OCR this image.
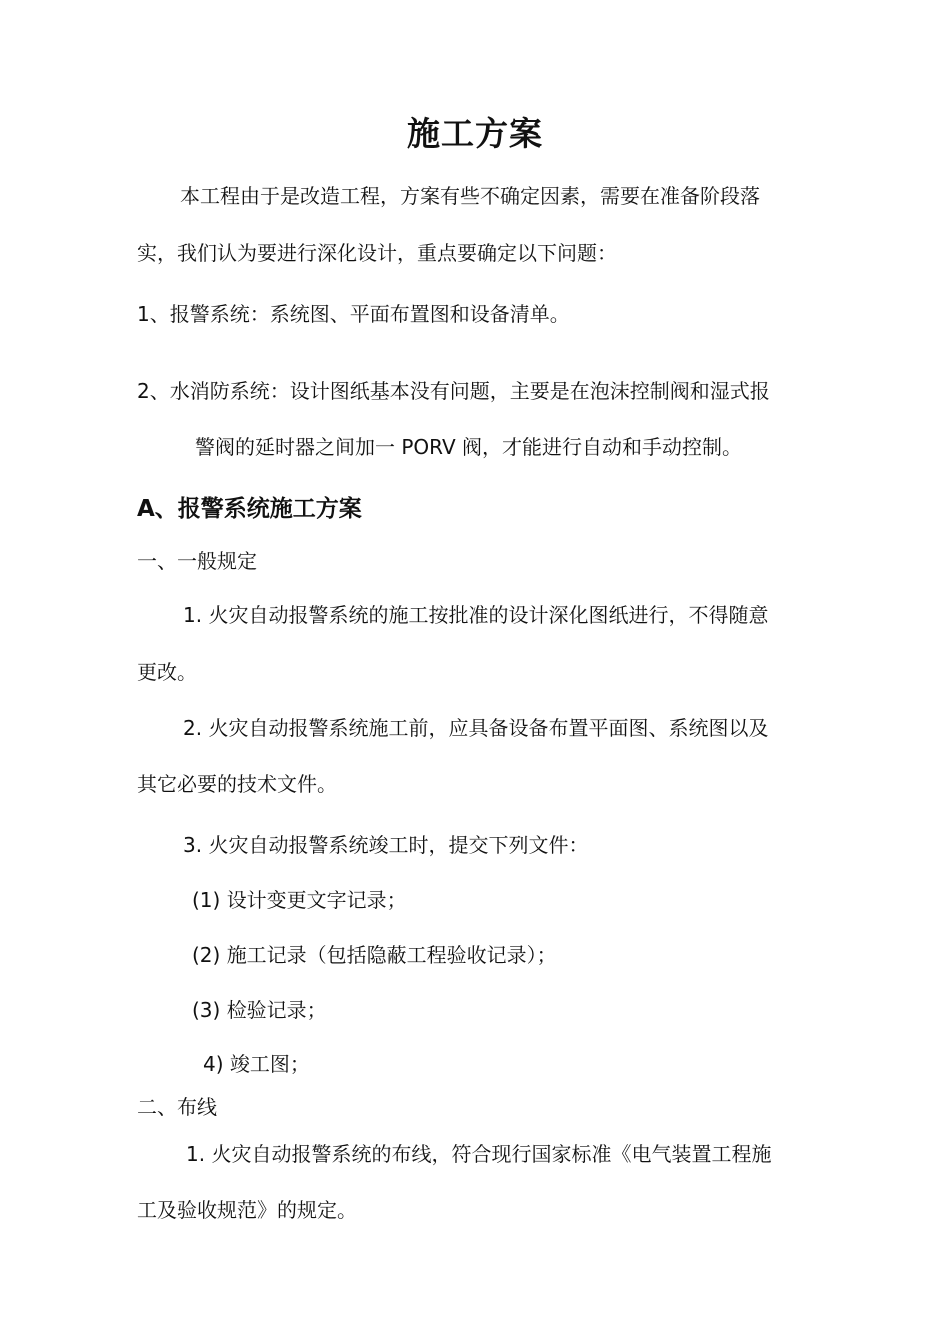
施工方案
本工程由于是改造工程，方案有些不确定因素，需要在准备阶段落
实，我们认为要进行深化设计，重点要确定以下问题：
1、报警系统：系统图、平面布置图和设备清单。
2、水消防系统：设计图纸基本没有问题，主要是在泡沫控制阀和湿式报
警阀的延时器之间加一 PORV 阀，才能进行自动和手动控制。
A、报警系统施工方案
一、一般规定
1. 火灾自动报警系统的施工按批准的设计深化图纸进行，不得随意
更改。
2. 火灾自动报警系统施工前，应具备设备布置平面图、系统图以及
其它必要的技术文件。
3. 火灾自动报警系统竣工时，提交下列文件：
(1) 设计变更文字记录；
(2) 施工记录（包括隐蔽工程验收记录）；
(3) 检验记录；
4) 竣工图；
二、布线
1. 火灾自动报警系统的布线，符合现行国家标准《电气装置工程施
工及验收规范》的规定。
